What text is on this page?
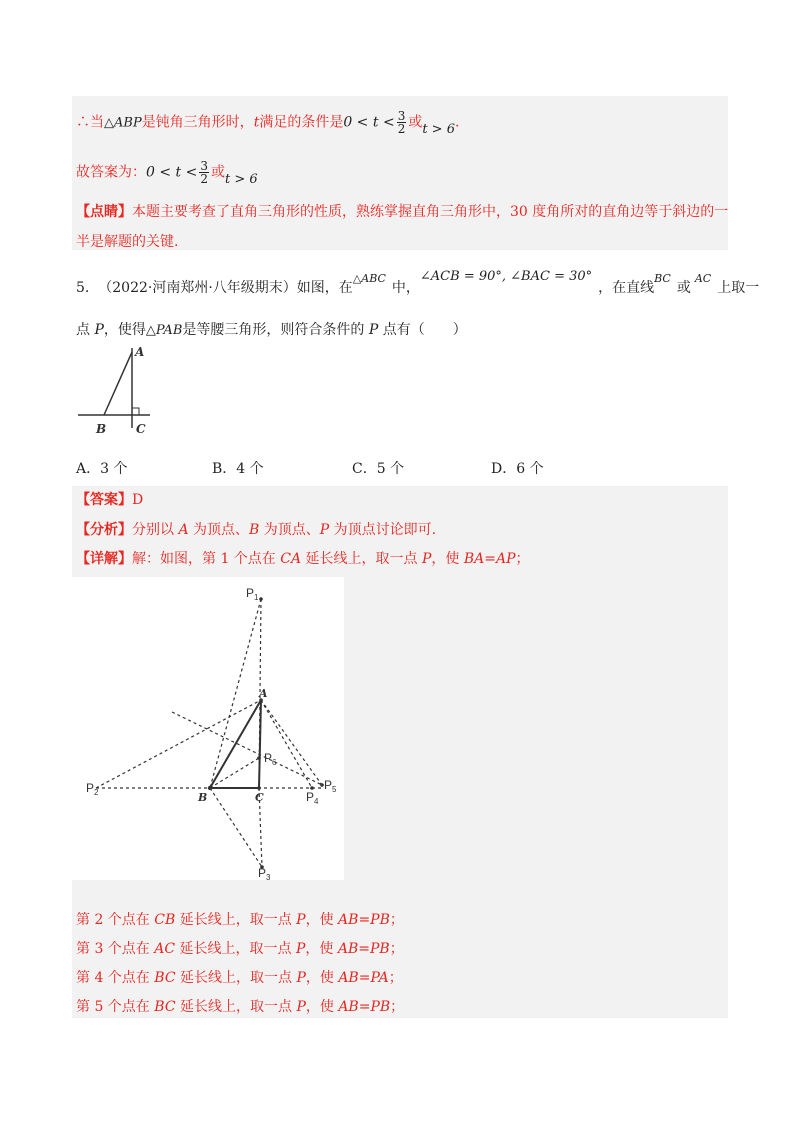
∴当△ABP是钝角三角形时，t满足的条件是$0 < t < \frac{3}{2}$ 或t > 6.
故答案为：$0 < t < \frac{3}{2}$ 或t > 6
【点睛】本题主要考查了直角三角形的性质，熟练掌握直角三角形中，30 度角所对的直角边等于斜边的一
半是解题的关键.
5. （2022·河南郑州·八年级期末）如图，在$^{\triangle ABC}$中，∠ACB = 90°, ∠BAC = 30°，在直线$^{BC}$或$^{AC}$上取一
点 P，使得△PAB是等腰三角形，则符合条件的 P 点有（　　）
A
B C
A．3 个	B．4 个	C．5 个	D．6 个
【答案】D
【分析】分别以 A 为顶点、B 为顶点、P 为顶点讨论即可.
【详解】解：如图，第 1 个点在 CA 延长线上，取一点 P，使 BA=AP；
$P_1$
$P_2$
$P_3$
$P_4$
$P_5$
$P_6$
A
B	C
第 2 个点在 CB 延长线上，取一点 P，使 AB=PB；
第 3 个点在 AC 延长线上，取一点 P，使 AB=PB；
第 4 个点在 BC 延长线上，取一点 P，使 AB=PA；
第 5 个点在 BC 延长线上，取一点 P，使 AB=PB；
